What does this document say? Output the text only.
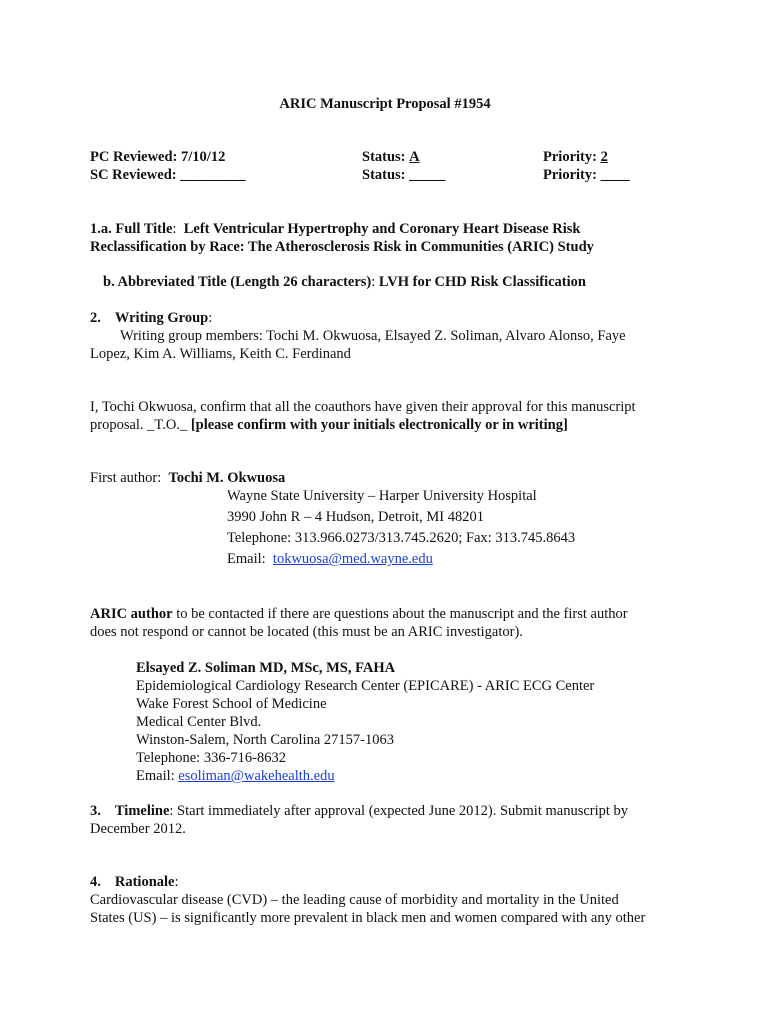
ARIC Manuscript Proposal #1954
PC Reviewed: 7/10/12
SC Reviewed: _________
Status: A
Status: _____
Priority: 2
Priority: ____
1.a. Full Title:  Left Ventricular Hypertrophy and Coronary Heart Disease Risk
Reclassification by Race: The Atherosclerosis Risk in Communities (ARIC) Study
b. Abbreviated Title (Length 26 characters): LVH for CHD Risk Classification
2. Writing Group:
Writing group members: Tochi M. Okwuosa, Elsayed Z. Soliman, Alvaro Alonso, Faye
Lopez, Kim A. Williams, Keith C. Ferdinand
I, Tochi Okwuosa, confirm that all the coauthors have given their approval for this manuscript
proposal. _T.O._ [please confirm with your initials electronically or in writing]
First author:  Tochi M. Okwuosa
Wayne State University – Harper University Hospital
3990 John R – 4 Hudson, Detroit, MI 48201
Telephone: 313.966.0273/313.745.2620; Fax: 313.745.8643
Email: tokwuosa@med.wayne.edu
ARIC author to be contacted if there are questions about the manuscript and the first author
does not respond or cannot be located (this must be an ARIC investigator).
Elsayed Z. Soliman MD, MSc, MS, FAHA
Epidemiological Cardiology Research Center (EPICARE) - ARIC ECG Center
Wake Forest School of Medicine
Medical Center Blvd.
Winston-Salem, North Carolina 27157-1063
Telephone: 336-716-8632
Email: esoliman@wakehealth.edu
3. Timeline: Start immediately after approval (expected June 2012). Submit manuscript by
December 2012.
4. Rationale:
Cardiovascular disease (CVD) – the leading cause of morbidity and mortality in the United
States (US) – is significantly more prevalent in black men and women compared with any other
